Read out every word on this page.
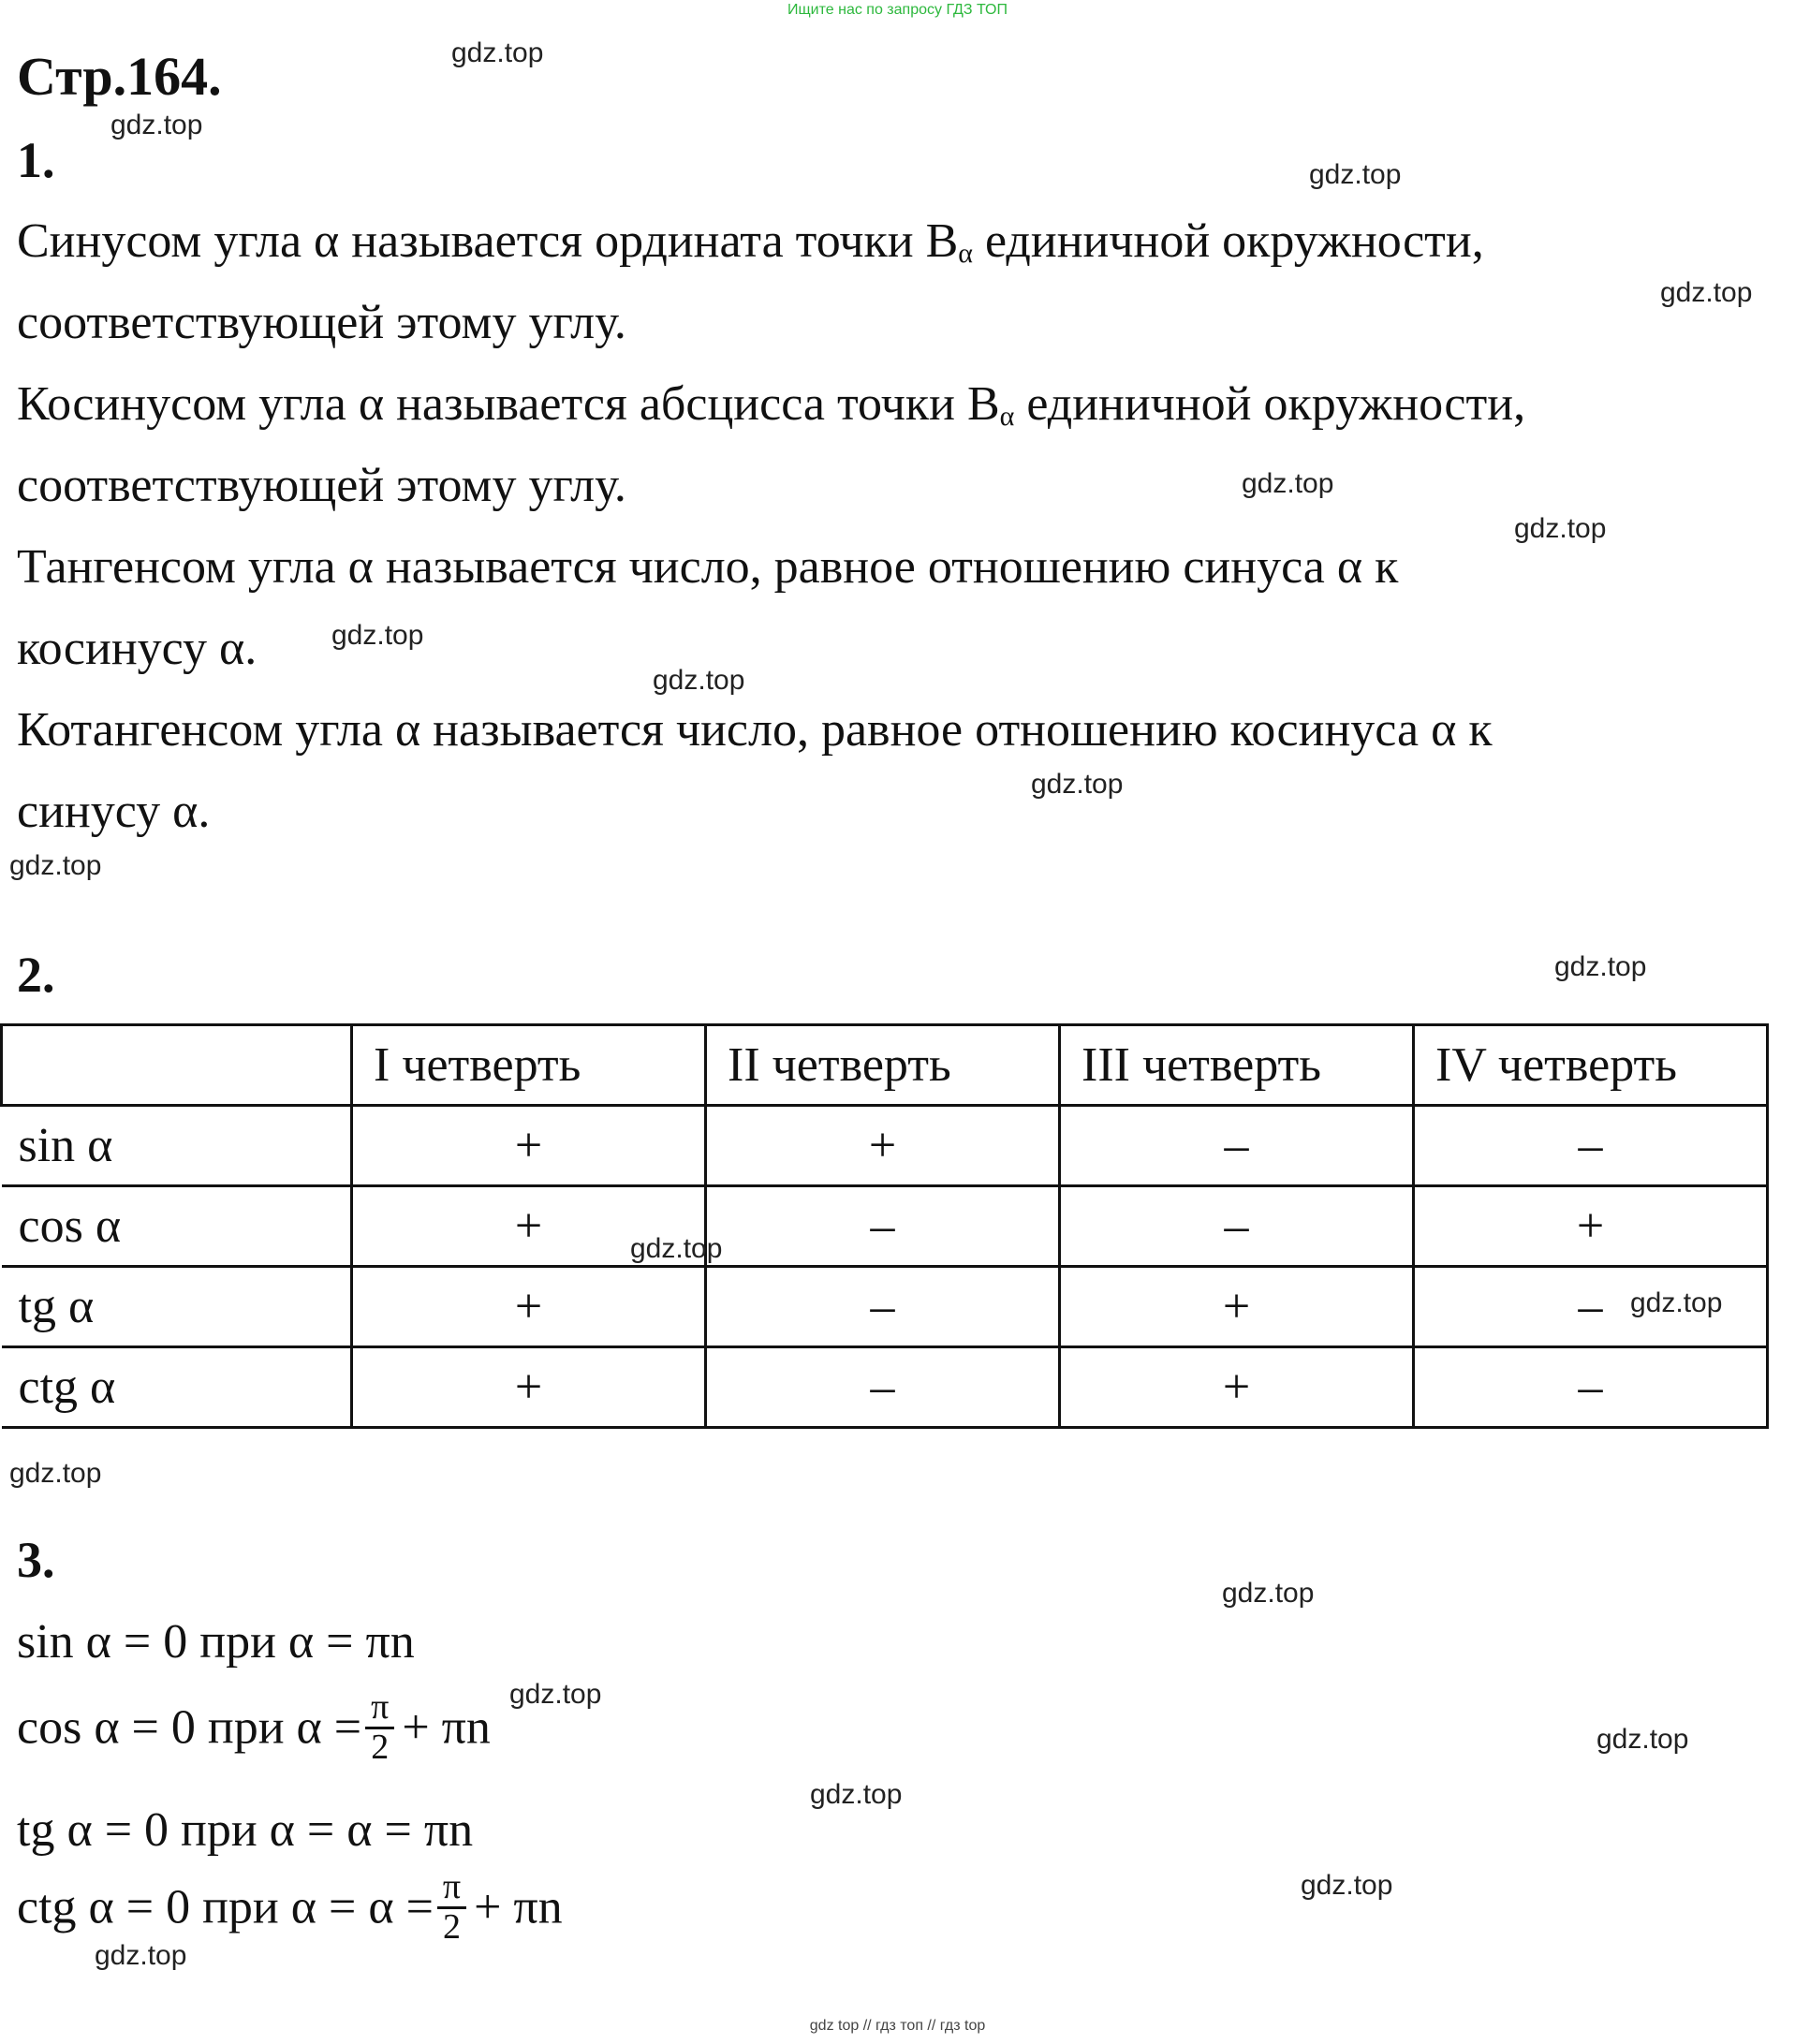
Ищите нас по запросу ГДЗ ТОП
Стр.164.
1.
Синусом угла α называется ордината точки $B_\alpha$ единичной окружности,
соответствующей этому углу.
Косинусом угла α называется абсцисса точки $B_\alpha$ единичной окружности,
соответствующей этому углу.
Тангенсом угла α называется число, равное отношению синуса α к
косинусу α.
Котангенсом угла α называется число, равное отношению косинуса α к
синусу α.
2.
	I четверть	II четверть	III четверть	IV четверть
sin α	+	+	–	–
cos α	+	–	–	+
tg α	+	–	+	–
ctg α	+	–	+	–
3.
sin α = 0 при α = πn
cos α = 0 при $\alpha = \frac{\pi}{2} + \pi n$
tg α = 0 при α = α = πn
ctg α = 0 при $\alpha = \alpha = \frac{\pi}{2} + \pi n$
gdz.top
gdz.top
gdz.top
gdz.top
gdz.top
gdz.top
gdz.top
gdz.top
gdz.top
gdz.top
gdz.top
gdz.top
gdz.top
gdz.top
gdz.top
gdz.top
gdz.top
gdz.top
gdz.top
gdz.top
gdz top // гдз топ // гдз top
